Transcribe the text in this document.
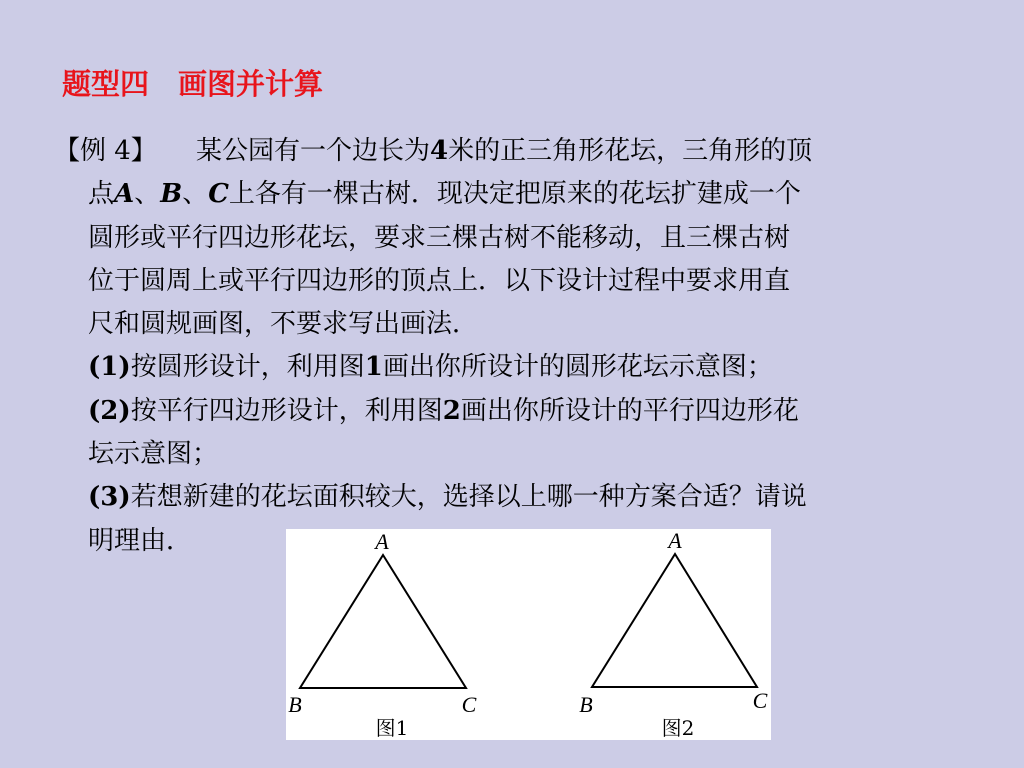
题型四　画图并计算
【例 4】 某公园有一个边长为4米的正三角形花坛，三角形的顶
点A、B、C上各有一棵古树．现决定把原来的花坛扩建成一个
圆形或平行四边形花坛，要求三棵古树不能移动，且三棵古树
位于圆周上或平行四边形的顶点上．以下设计过程中要求用直
尺和圆规画图，不要求写出画法．
(1)按圆形设计，利用图1画出你所设计的圆形花坛示意图；
(2)按平行四边形设计，利用图2画出你所设计的平行四边形花
坛示意图；
(3)若想新建的花坛面积较大，选择以上哪一种方案合适？请说
明理由．	A
B	C
图1
A
B	C
图2
